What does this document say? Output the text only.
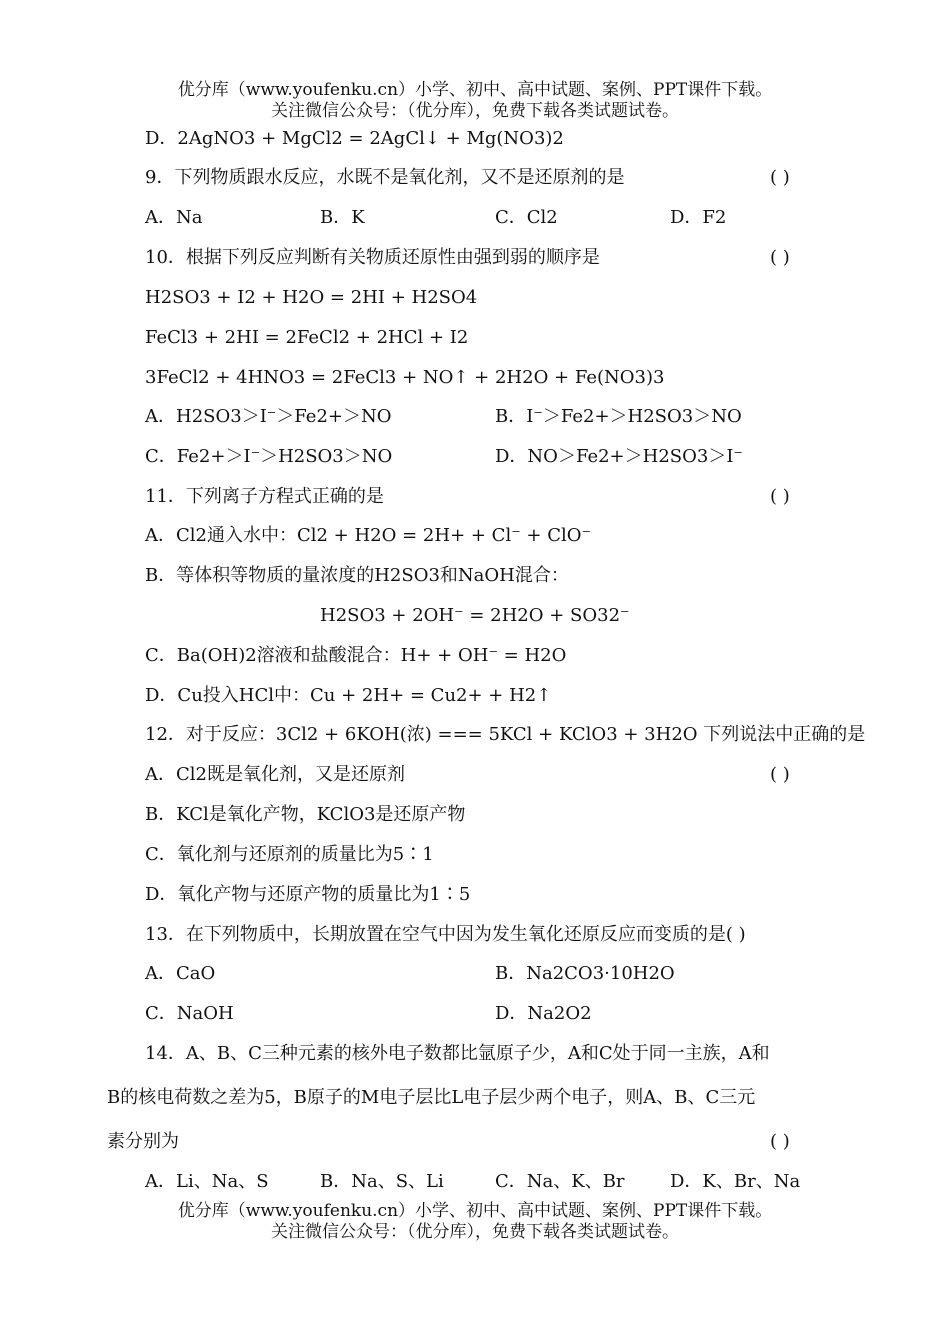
优分库（www.youfenku.cn）小学、初中、高中试题、案例、PPT课件下载。
关注微信公众号：（优分库），免费下载各类试题试卷。
D．2AgNO3 + MgCl2 = 2AgCl↓ + Mg(NO3)2
9．下列物质跟水反应，水既不是氧化剂，又不是还原剂的是	( )
A．Na	B．K	C．Cl2	D．F2
10．根据下列反应判断有关物质还原性由强到弱的顺序是	( )
H2SO3 + I2 + H2O = 2HI + H2SO4
FeCl3 + 2HI = 2FeCl2 + 2HCl + I2
3FeCl2 + 4HNO3 = 2FeCl3 + NO↑ + 2H2O + Fe(NO3)3
A．H2SO3＞I⁻＞Fe2+＞NO	B．I⁻＞Fe2+＞H2SO3＞NO
C．Fe2+＞I⁻＞H2SO3＞NO	D．NO＞Fe2+＞H2SO3＞I⁻
11．下列离子方程式正确的是	( )
A．Cl2通入水中：Cl2 + H2O = 2H+ + Cl⁻ + ClO⁻
B．等体积等物质的量浓度的H2SO3和NaOH混合：
H2SO3 + 2OH⁻ = 2H2O + SO32⁻
C．Ba(OH)2溶液和盐酸混合：H+ + OH⁻ = H2O
D．Cu投入HCl中：Cu + 2H+ = Cu2+ + H2↑
12．对于反应：3Cl2 + 6KOH(浓) === 5KCl + KClO3 + 3H2O 下列说法中正确的是
A．Cl2既是氧化剂，又是还原剂	( )
B．KCl是氧化产物，KClO3是还原产物
C．氧化剂与还原剂的质量比为5∶1
D．氧化产物与还原产物的质量比为1∶5
13．在下列物质中，长期放置在空气中因为发生氧化还原反应而变质的是( )
A．CaO	B．Na2CO3·10H2O
C．NaOH	D．Na2O2
14．A、B、C三种元素的核外电子数都比氩原子少，A和C处于同一主族，A和
B的核电荷数之差为5，B原子的M电子层比L电子层少两个电子，则A、B、C三元
素分别为	( )
A．Li、Na、S	B．Na、S、Li	C．Na、K、Br	D．K、Br、Na
优分库（www.youfenku.cn）小学、初中、高中试题、案例、PPT课件下载。
关注微信公众号：（优分库），免费下载各类试题试卷。
